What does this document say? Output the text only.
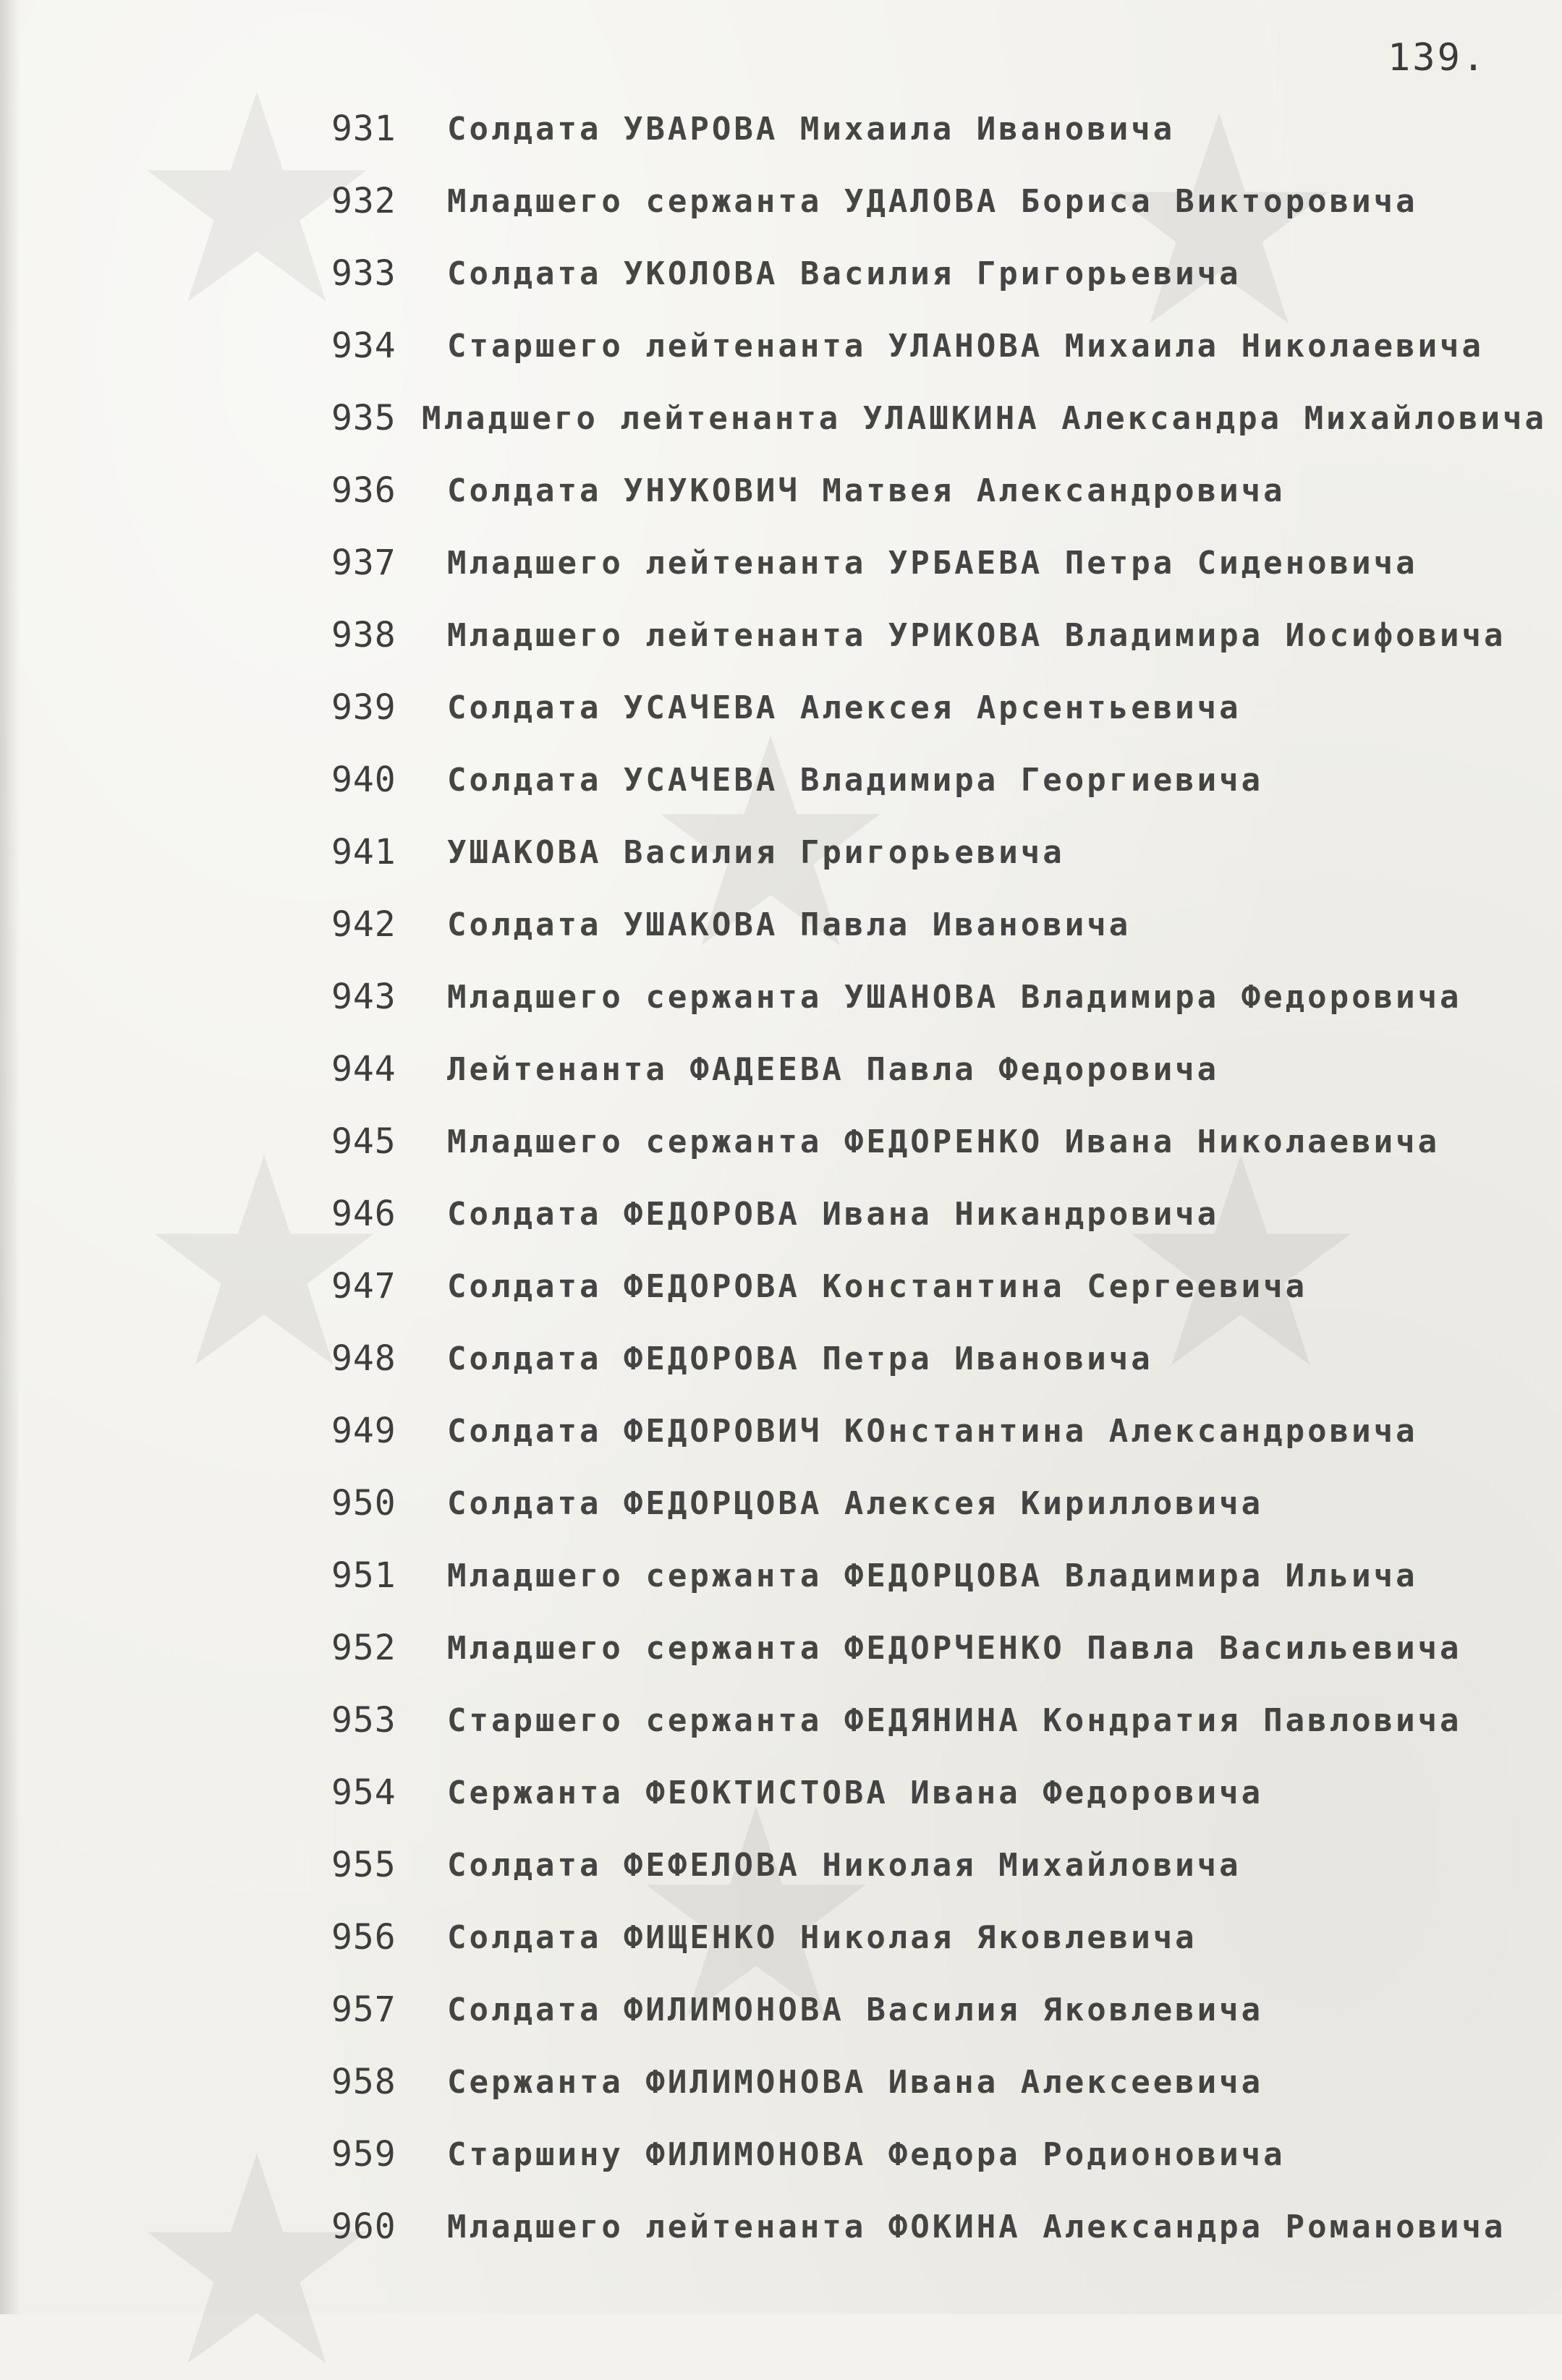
139.
931	Солдата УВАРОВА Михаила Ивановича
932	Младшего сержанта УДАЛОВА Бориса Викторовича
933	Солдата УКОЛОВА Василия Григорьевича
934	Старшего лейтенанта УЛАНОВА Михаила Николаевича
935 Младшего лейтенанта УЛАШКИНА Александра Михайловича
936	Солдата УНУКОВИЧ Матвея Александровича
937	Младшего лейтенанта УРБАЕВА Петра Сиденовича
938	Младшего лейтенанта УРИКОВА Владимира Иосифовича
939	Солдата УСАЧЕВА Алексея Арсентьевича
940	Солдата УСАЧЕВА Владимира Георгиевича
941	УШАКОВА Василия Григорьевича
942	Солдата УШАКОВА Павла Ивановича
943	Младшего сержанта УШАНОВА Владимира Федоровича
944	Лейтенанта ФАДЕЕВА Павла Федоровича
945	Младшего сержанта ФЕДОРЕНКО Ивана Николаевича
946	Солдата ФЕДОРОВА Ивана Никандровича
947	Солдата ФЕДОРОВА Константина Сергеевича
948	Солдата ФЕДОРОВА Петра Ивановича
949	Солдата ФЕДОРОВИЧ КОнстантина Александровича
950	Солдата ФЕДОРЦОВА Алексея Кирилловича
951	Младшего сержанта ФЕДОРЦОВА Владимира Ильича
952	Младшего сержанта ФЕДОРЧЕНКО Павла Васильевича
953	Старшего сержанта ФЕДЯНИНА Кондратия Павловича
954	Сержанта ФЕОКТИСТОВА Ивана Федоровича
955	Солдата ФЕФЕЛОВА Николая Михайловича
956	Солдата ФИЩЕНКО Николая Яковлевича
957	Солдата ФИЛИМОНОВА Василия Яковлевича
958	Сержанта ФИЛИМОНОВА Ивана Алексеевича
959	Старшину ФИЛИМОНОВА Федора Родионовича
960	Младшего лейтенанта ФОКИНА Александра Романовича
